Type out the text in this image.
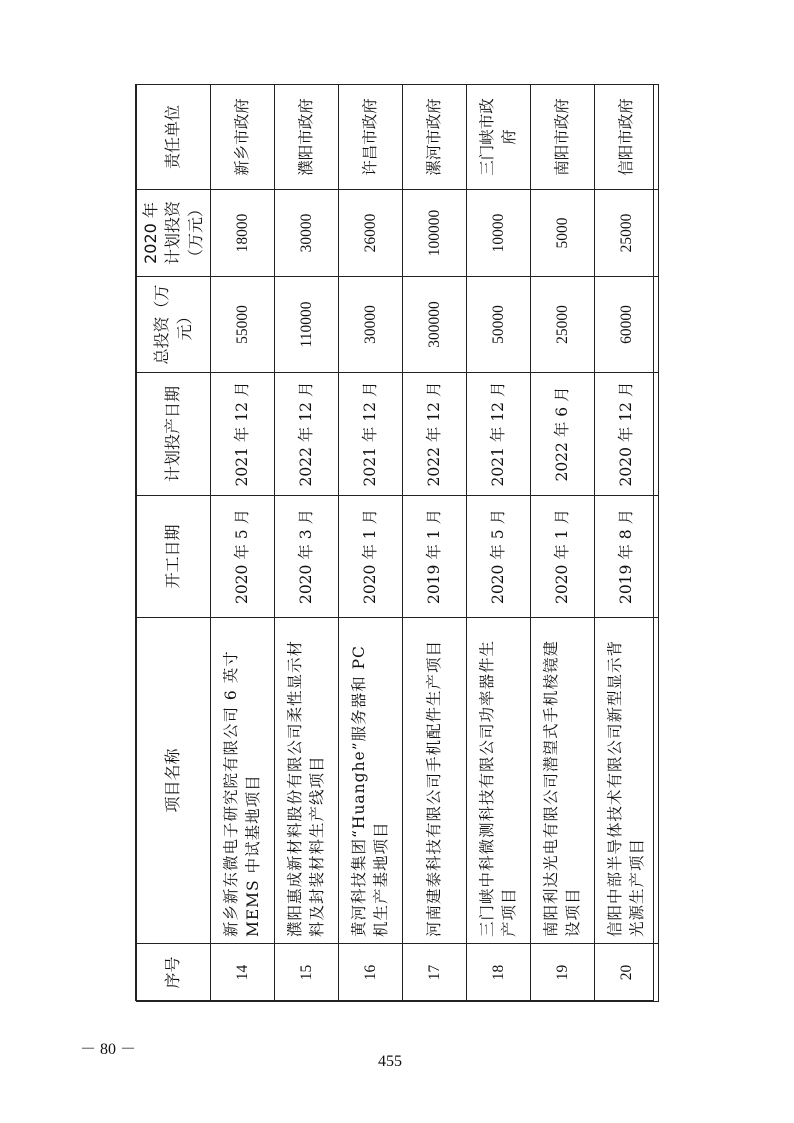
序号	项目名称	开工日期	计划投产日期	总投资（万元）	2020 年计划投资（万元）	责任单位
14	新乡新东微电子研究院有限公司 6 英寸 MEMS 中试基地项目	2020 年 5 月	2021 年 12 月	55000	18000	新乡市政府
15	濮阳惠成新材料股份有限公司柔性显示材料及封装材料生产线项目	2020 年 3 月	2022 年 12 月	110000	30000	濮阳市政府
16	黄河科技集团“Huanghe”服务器和 PC 机生产基地项目	2020 年 1 月	2021 年 12 月	30000	26000	许昌市政府
17	河南建泰科技有限公司手机配件生产项目	2019 年 1 月	2022 年 12 月	300000	100000	漯河市政府
18	三门峡中科微测科技有限公司功率器件生产项目	2020 年 5 月	2021 年 12 月	50000	10000	三门峡市政府
19	南阳利达光电有限公司潜望式手机棱镜建设项目	2020 年 1 月	2022 年 6 月	25000	5000	南阳市政府
20	信阳中部半导体技术有限公司新型显示背光源生产项目	2019 年 8 月	2020 年 12 月	60000	25000	信阳市政府
－ 80 －
455
